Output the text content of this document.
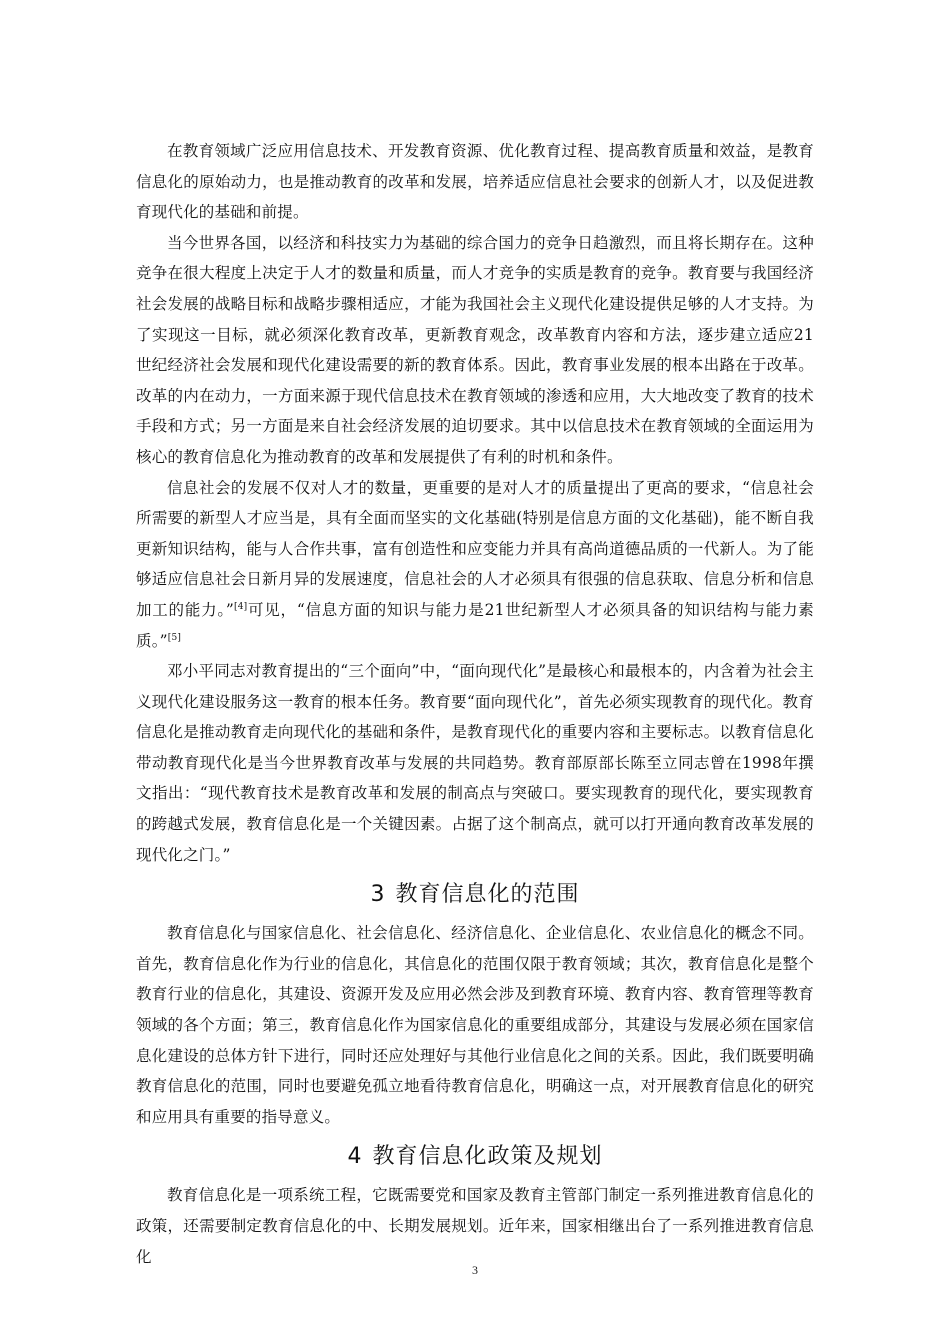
在教育领域广泛应用信息技术、开发教育资源、优化教育过程、提高教育质量和效益，是教育信息化的原始动力，也是推动教育的改革和发展，培养适应信息社会要求的创新人才，以及促进教育现代化的基础和前提。

当今世界各国，以经济和科技实力为基础的综合国力的竞争日趋激烈，而且将长期存在。这种竞争在很大程度上决定于人才的数量和质量，而人才竞争的实质是教育的竞争。教育要与我国经济社会发展的战略目标和战略步骤相适应，才能为我国社会主义现代化建设提供足够的人才支持。为了实现这一目标，就必须深化教育改革，更新教育观念，改革教育内容和方法，逐步建立适应21世纪经济社会发展和现代化建设需要的新的教育体系。因此，教育事业发展的根本出路在于改革。改革的内在动力，一方面来源于现代信息技术在教育领域的渗透和应用，大大地改变了教育的技术手段和方式；另一方面是来自社会经济发展的迫切要求。其中以信息技术在教育领域的全面运用为核心的教育信息化为推动教育的改革和发展提供了有利的时机和条件。

信息社会的发展不仅对人才的数量，更重要的是对人才的质量提出了更高的要求，“信息社会所需要的新型人才应当是，具有全面而坚实的文化基础(特别是信息方面的文化基础)，能不断自我更新知识结构，能与人合作共事，富有创造性和应变能力并具有高尚道德品质的一代新人。为了能够适应信息社会日新月异的发展速度，信息社会的人才必须具有很强的信息获取、信息分析和信息加工的能力。”[4]可见，“信息方面的知识与能力是21世纪新型人才必须具备的知识结构与能力素质。”[5]

邓小平同志对教育提出的“三个面向”中，“面向现代化”是最核心和最根本的，内含着为社会主义现代化建设服务这一教育的根本任务。教育要“面向现代化”，首先必须实现教育的现代化。教育信息化是推动教育走向现代化的基础和条件，是教育现代化的重要内容和主要标志。以教育信息化带动教育现代化是当今世界教育改革与发展的共同趋势。教育部原部长陈至立同志曾在1998年撰文指出：“现代教育技术是教育改革和发展的制高点与突破口。要实现教育的现代化，要实现教育的跨越式发展，教育信息化是一个关键因素。占据了这个制高点，就可以打开通向教育改革发展的现代化之门。”

3 教育信息化的范围

教育信息化与国家信息化、社会信息化、经济信息化、企业信息化、农业信息化的概念不同。首先，教育信息化作为行业的信息化，其信息化的范围仅限于教育领域；其次，教育信息化是整个教育行业的信息化，其建设、资源开发及应用必然会涉及到教育环境、教育内容、教育管理等教育领域的各个方面；第三，教育信息化作为国家信息化的重要组成部分，其建设与发展必须在国家信息化建设的总体方针下进行，同时还应处理好与其他行业信息化之间的关系。因此，我们既要明确教育信息化的范围，同时也要避免孤立地看待教育信息化，明确这一点，对开展教育信息化的研究和应用具有重要的指导意义。

4 教育信息化政策及规划

教育信息化是一项系统工程，它既需要党和国家及教育主管部门制定一系列推进教育信息化的政策，还需要制定教育信息化的中、长期发展规划。近年来，国家相继出台了一系列推进教育信息化

3
